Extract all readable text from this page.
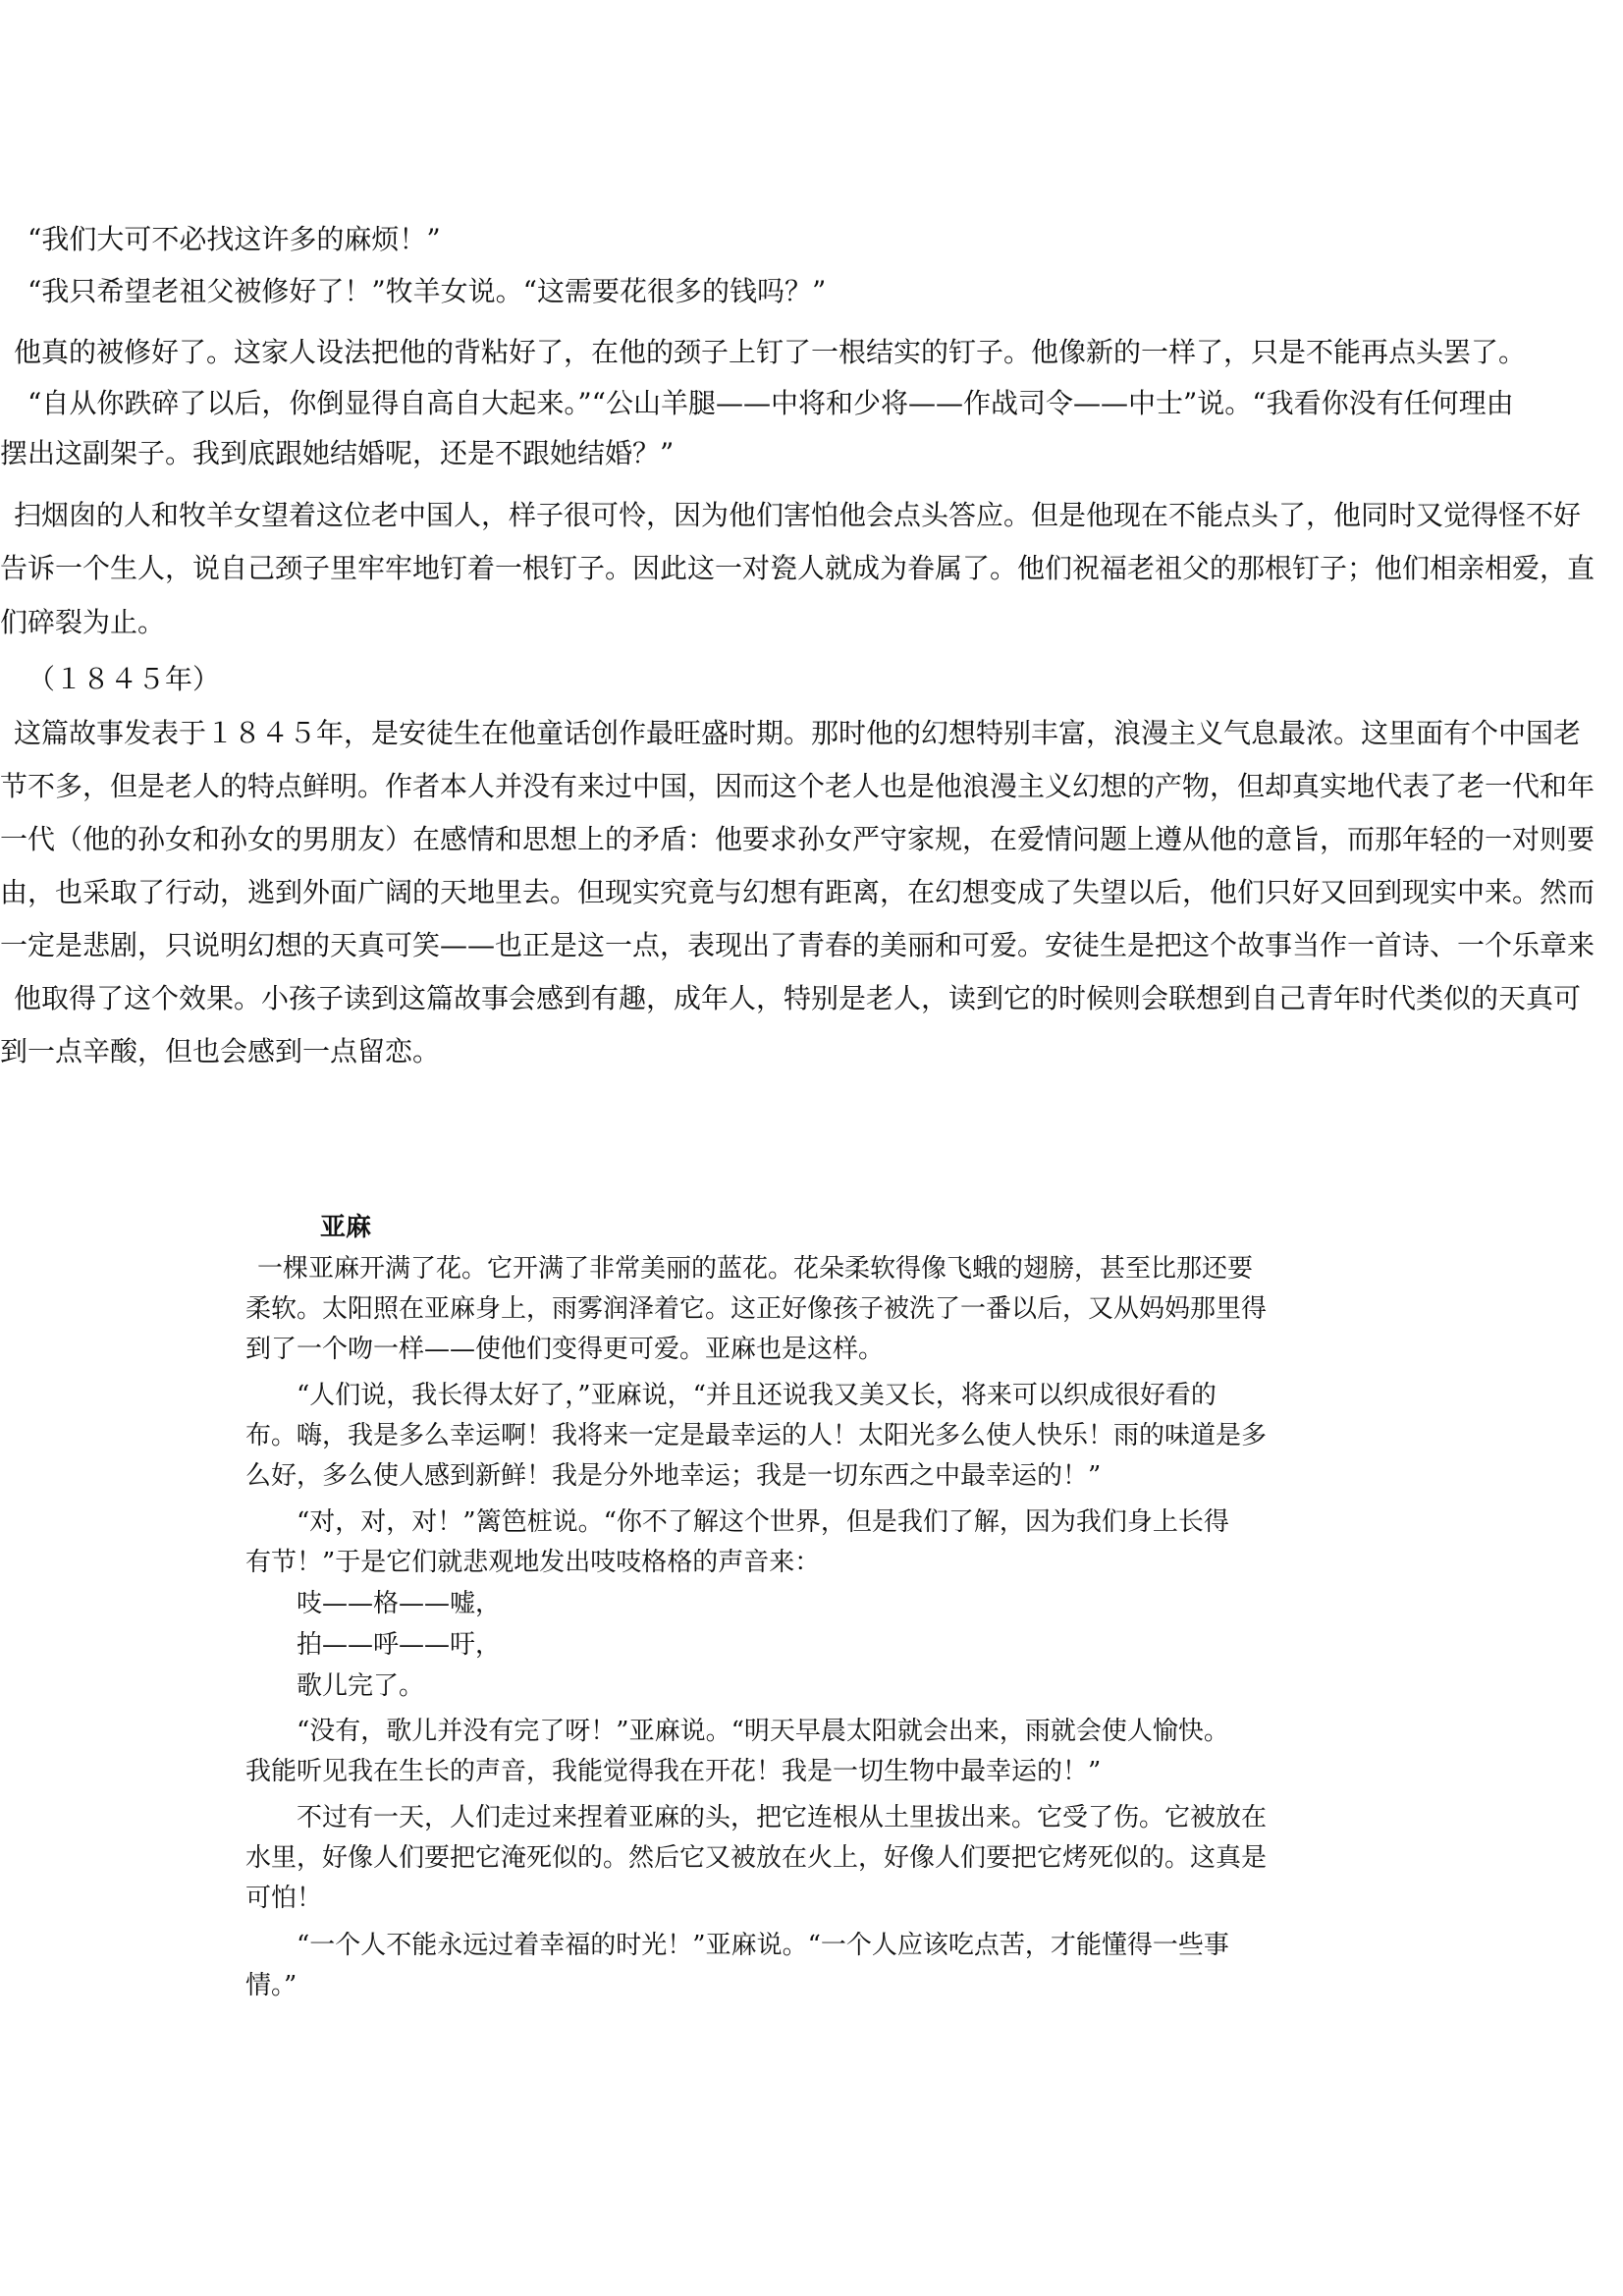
“我们大可不必找这许多的麻烦！”
“我只希望老祖父被修好了！”牧羊女说。“这需要花很多的钱吗？”
他真的被修好了。这家人设法把他的背粘好了，在他的颈子上钉了一根结实的钉子。他像新的一样了，只是不能再点头罢了。
“自从你跌碎了以后，你倒显得自高自大起来。”“公山羊腿——中将和少将——作战司令——中士”说。“我看你没有任何理由
摆出这副架子。我到底跟她结婚呢，还是不跟她结婚？”
扫烟囱的人和牧羊女望着这位老中国人，样子很可怜，因为他们害怕他会点头答应。但是他现在不能点头了，他同时又觉得怪不好
告诉一个生人，说自己颈子里牢牢地钉着一根钉子。因此这一对瓷人就成为眷属了。他们祝福老祖父的那根钉子；他们相亲相爱，直
们碎裂为止。
（１８４５年）
这篇故事发表于１８４５年，是安徒生在他童话创作最旺盛时期。那时他的幻想特别丰富，浪漫主义气息最浓。这里面有个中国老
节不多，但是老人的特点鲜明。作者本人并没有来过中国，因而这个老人也是他浪漫主义幻想的产物，但却真实地代表了老一代和年
一代（他的孙女和孙女的男朋友）在感情和思想上的矛盾：他要求孙女严守家规，在爱情问题上遵从他的意旨，而那年轻的一对则要
由，也采取了行动，逃到外面广阔的天地里去。但现实究竟与幻想有距离，在幻想变成了失望以后，他们只好又回到现实中来。然而
一定是悲剧，只说明幻想的天真可笑——也正是这一点，表现出了青春的美丽和可爱。安徒生是把这个故事当作一首诗、一个乐章来
他取得了这个效果。小孩子读到这篇故事会感到有趣，成年人，特别是老人，读到它的时候则会联想到自己青年时代类似的天真可
到一点辛酸，但也会感到一点留恋。
亚麻
一棵亚麻开满了花。它开满了非常美丽的蓝花。花朵柔软得像飞蛾的翅膀，甚至比那还要
柔软。太阳照在亚麻身上，雨雾润泽着它。这正好像孩子被洗了一番以后，又从妈妈那里得
到了一个吻一样——使他们变得更可爱。亚麻也是这样。
“人们说，我长得太好了，”亚麻说，“并且还说我又美又长，将来可以织成很好看的
布。嗨，我是多么幸运啊！我将来一定是最幸运的人！太阳光多么使人快乐！雨的味道是多
么好，多么使人感到新鲜！我是分外地幸运；我是一切东西之中最幸运的！”
“对，对，对！”篱笆桩说。“你不了解这个世界，但是我们了解，因为我们身上长得
有节！”于是它们就悲观地发出吱吱格格的声音来：
吱——格——嘘，
拍——呼——吁，
歌儿完了。
“没有，歌儿并没有完了呀！”亚麻说。“明天早晨太阳就会出来，雨就会使人愉快。
我能听见我在生长的声音，我能觉得我在开花！我是一切生物中最幸运的！”
不过有一天，人们走过来捏着亚麻的头，把它连根从土里拔出来。它受了伤。它被放在
水里，好像人们要把它淹死似的。然后它又被放在火上，好像人们要把它烤死似的。这真是
可怕！
“一个人不能永远过着幸福的时光！”亚麻说。“一个人应该吃点苦，才能懂得一些事
情。”
